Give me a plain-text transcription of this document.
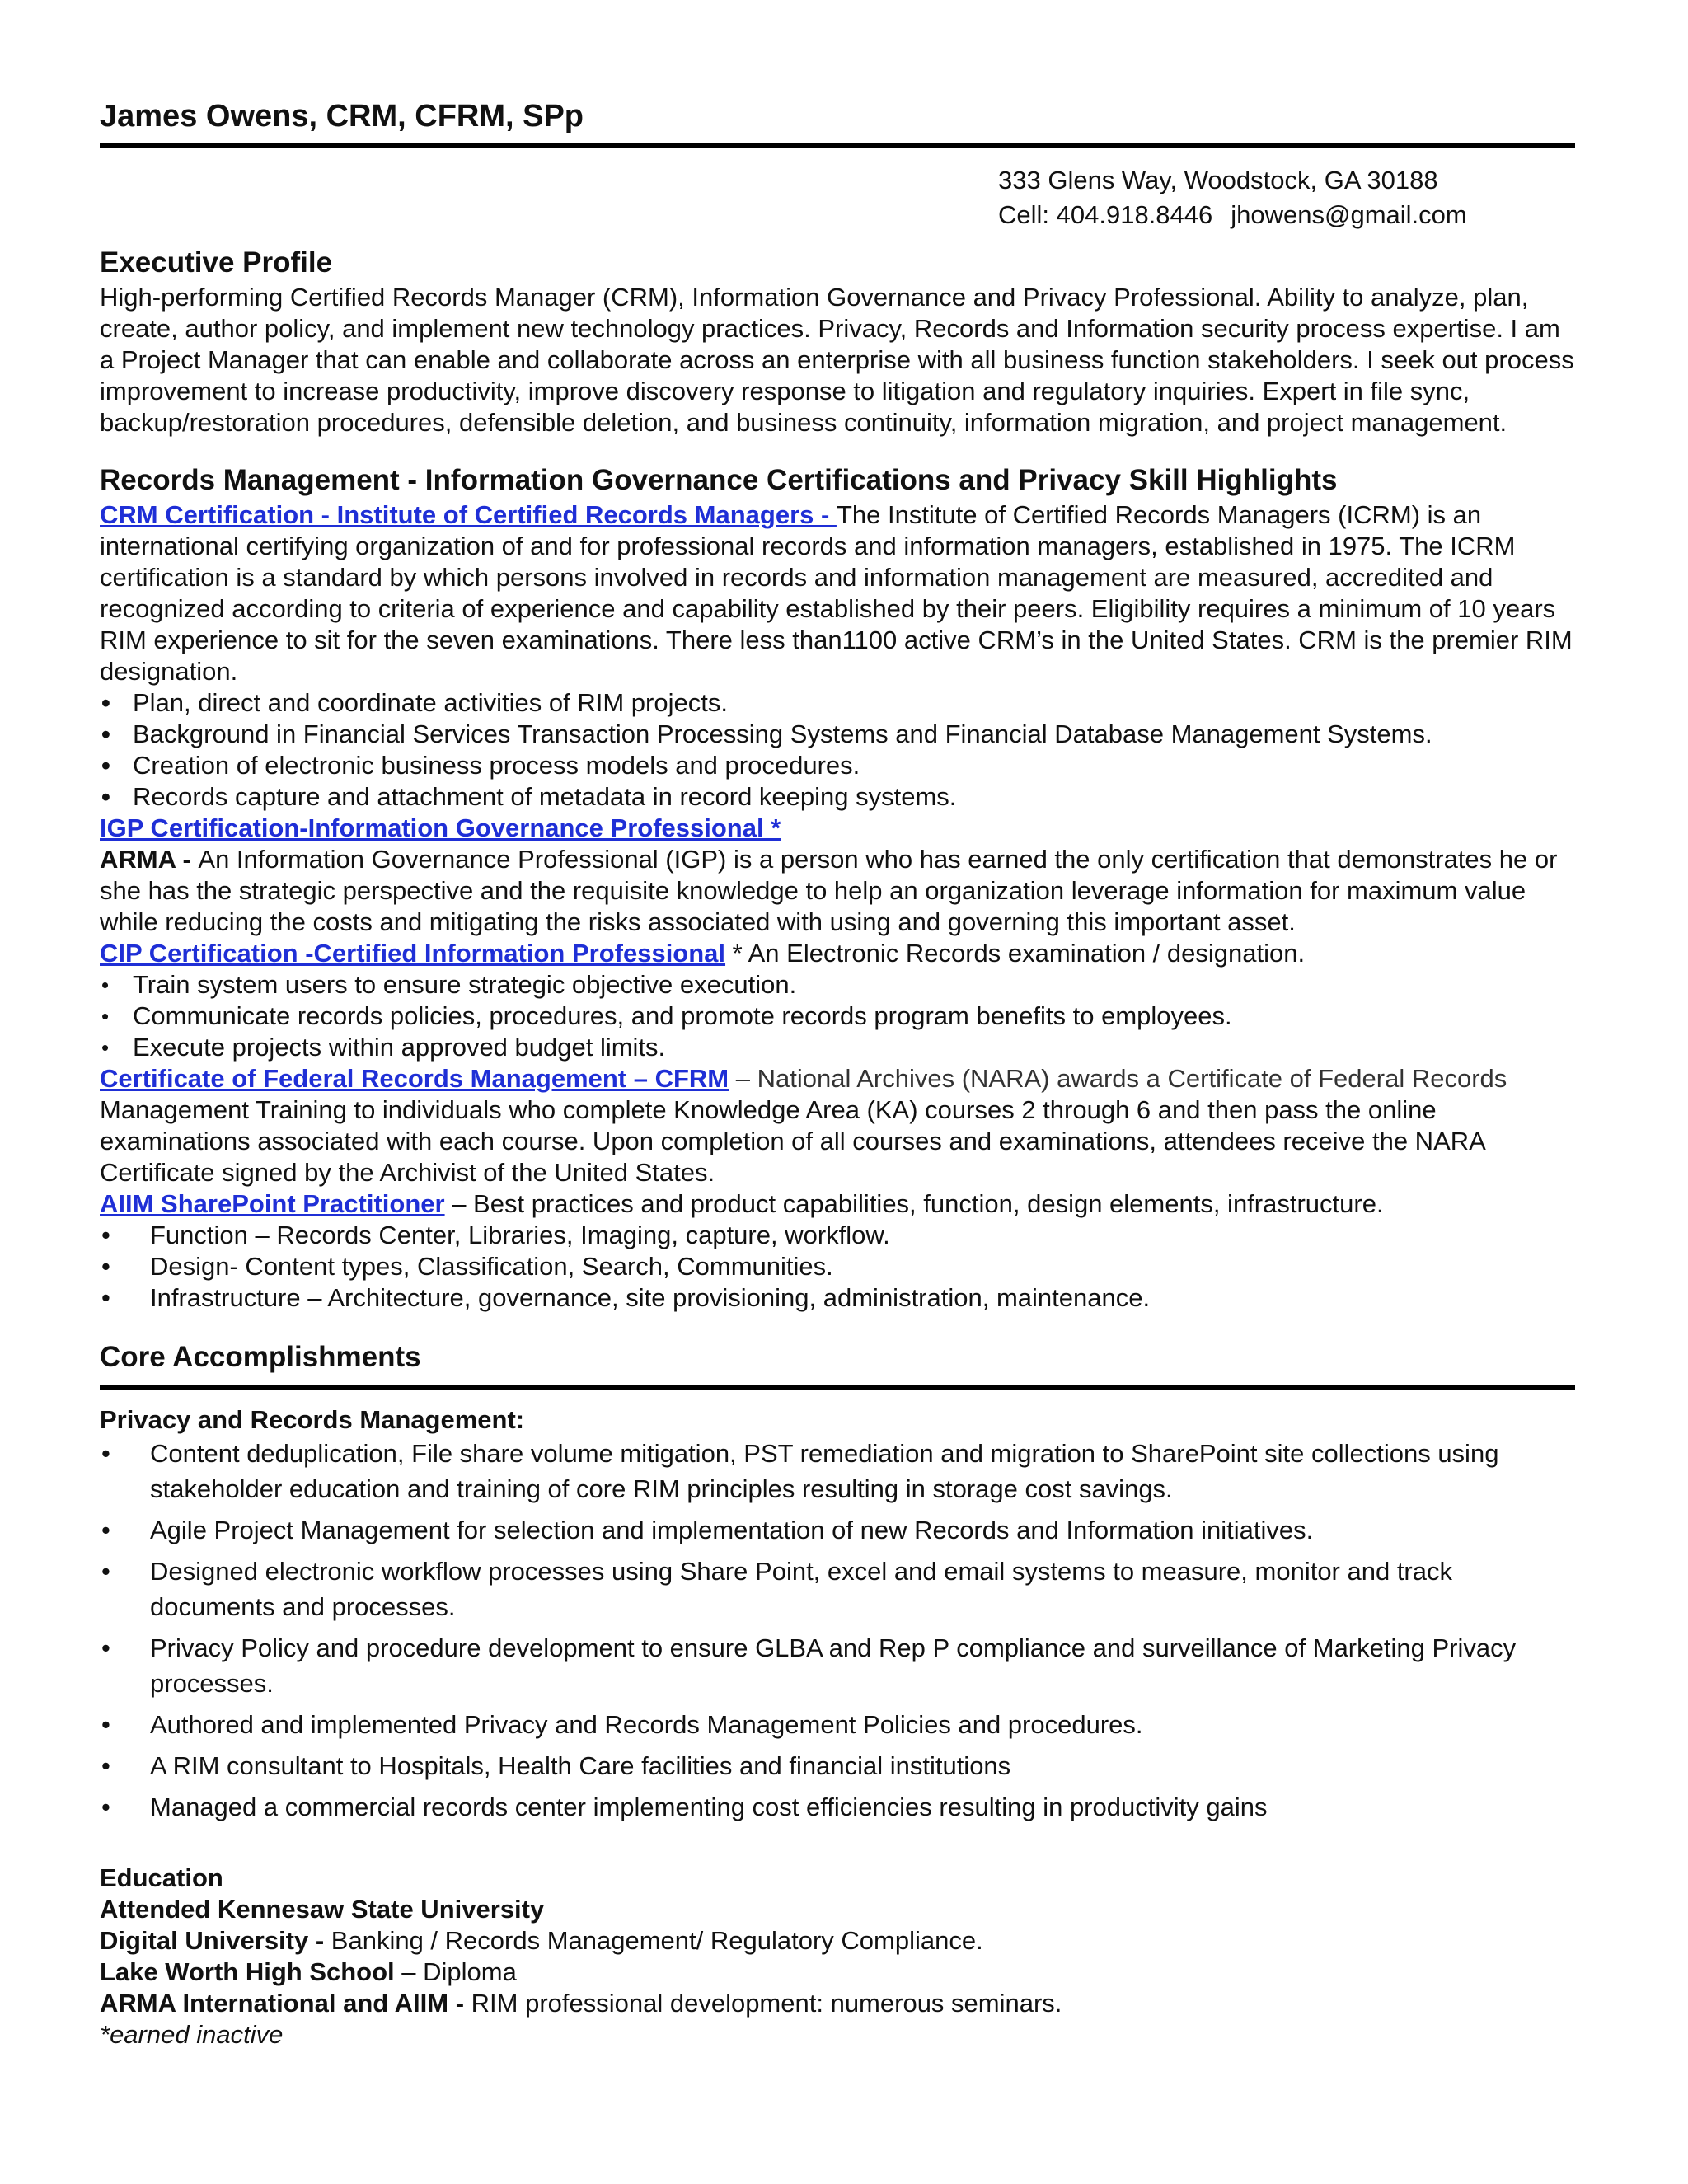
James Owens, CRM, CFRM, SPp
333 Glens Way, Woodstock, GA 30188
Cell: 404.918.8446 jhowens@gmail.com
Executive Profile

High-performing Certified Records Manager (CRM), Information Governance and Privacy Professional. Ability to analyze, plan, create, author policy, and implement new technology practices. Privacy, Records and Information security process expertise. I am a Project Manager that can enable and collaborate across an enterprise with all business function stakeholders. I seek out process improvement to increase productivity, improve discovery response to litigation and regulatory inquiries. Expert in file sync, backup/restoration procedures, defensible deletion, and business continuity, information migration, and project management.

Records Management - Information Governance Certifications and Privacy Skill Highlights

CRM Certification - Institute of Certified Records Managers - The Institute of Certified Records Managers (ICRM) is an international certifying organization of and for professional records and information managers, established in 1975. The ICRM certification is a standard by which persons involved in records and information management are measured, accredited and recognized according to criteria of experience and capability established by their peers. Eligibility requires a minimum of 10 years RIM experience to sit for the seven examinations. There less than1100 active CRM’s in the United States. CRM is the premier RIM designation.

• Plan, direct and coordinate activities of RIM projects.
• Background in Financial Services Transaction Processing Systems and Financial Database Management Systems.
• Creation of electronic business process models and procedures.
• Records capture and attachment of metadata in record keeping systems.

IGP Certification-Information Governance Professional *

ARMA - An Information Governance Professional (IGP) is a person who has earned the only certification that demonstrates he or she has the strategic perspective and the requisite knowledge to help an organization leverage information for maximum value while reducing the costs and mitigating the risks associated with using and governing this important asset.

CIP Certification -Certified Information Professional * An Electronic Records examination / designation.

• Train system users to ensure strategic objective execution.
• Communicate records policies, procedures, and promote records program benefits to employees.
• Execute projects within approved budget limits.

Certificate of Federal Records Management – CFRM – National Archives (NARA) awards a Certificate of Federal Records Management Training to individuals who complete Knowledge Area (KA) courses 2 through 6 and then pass the online examinations associated with each course. Upon completion of all courses and examinations, attendees receive the NARA Certificate signed by the Archivist of the United States.

AIIM SharePoint Practitioner – Best practices and product capabilities, function, design elements, infrastructure.

• Function – Records Center, Libraries, Imaging, capture, workflow.
• Design- Content types, Classification, Search, Communities.
• Infrastructure – Architecture, governance, site provisioning, administration, maintenance.
Core Accomplishments

Privacy and Records Management:

• Content deduplication, File share volume mitigation, PST remediation and migration to SharePoint site collections using stakeholder education and training of core RIM principles resulting in storage cost savings.
• Agile Project Management for selection and implementation of new Records and Information initiatives.
• Designed electronic workflow processes using Share Point, excel and email systems to measure, monitor and track documents and processes.
• Privacy Policy and procedure development to ensure GLBA and Rep P compliance and surveillance of Marketing Privacy processes.
• Authored and implemented Privacy and Records Management Policies and procedures.
• A RIM consultant to Hospitals, Health Care facilities and financial institutions
• Managed a commercial records center implementing cost efficiencies resulting in productivity gains

Education

Attended Kennesaw State University

Digital University - Banking / Records Management/ Regulatory Compliance.

Lake Worth High School – Diploma

ARMA International and AIIM - RIM professional development: numerous seminars.

*earned inactive
